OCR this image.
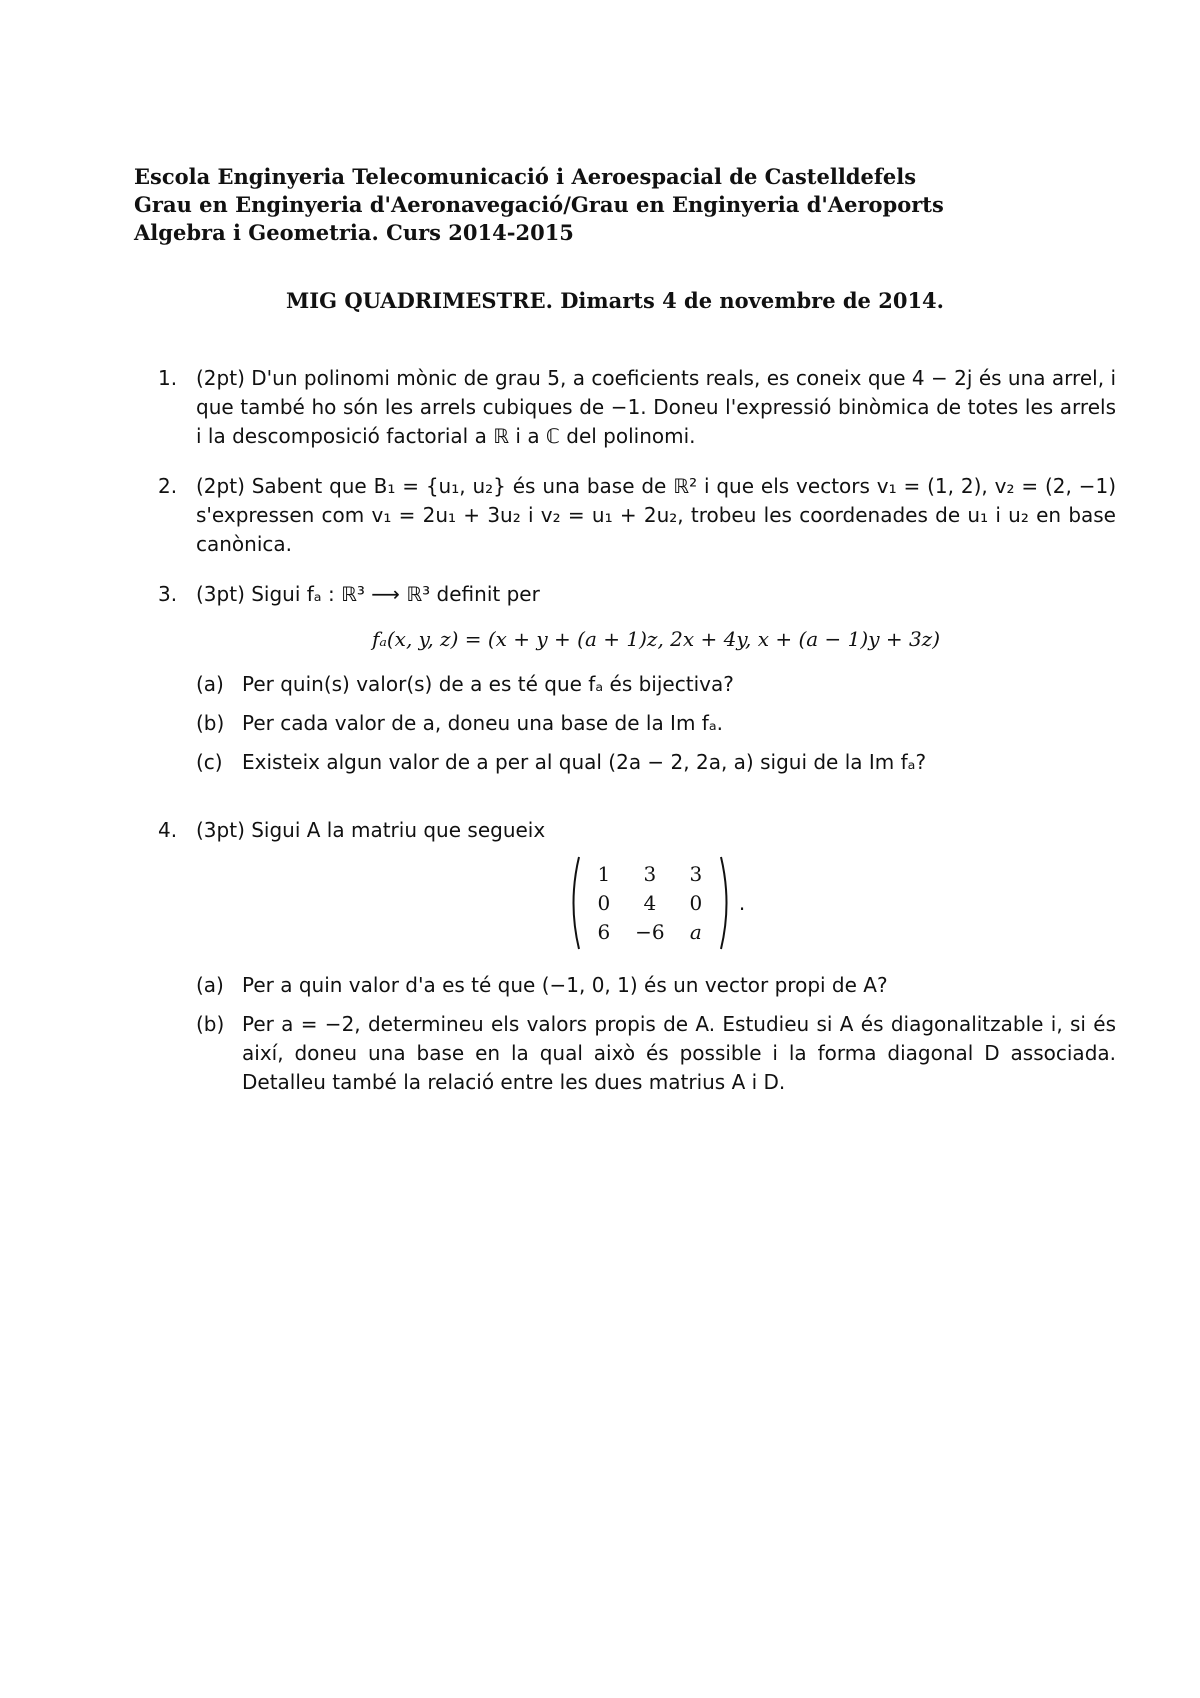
Escola Enginyeria Telecomunicació i Aeroespacial de Castelldefels
Grau en Enginyeria d'Aeronavegació/Grau en Enginyeria d'Aeroports
Algebra i Geometria. Curs 2014-2015
MIG QUADRIMESTRE. Dimarts 4 de novembre de 2014.
1. (2pt) D'un polinomi mònic de grau 5, a coeficients reals, es coneix que 4 − 2j és una arrel, i que també ho són les arrels cubiques de −1. Doneu l'expressió binòmica de totes les arrels i la descomposició factorial a ℝ i a ℂ del polinomi.
2. (2pt) Sabent que B₁ = {u₁, u₂} és una base de ℝ² i que els vectors v₁ = (1, 2), v₂ = (2, −1) s'expressen com v₁ = 2u₁ + 3u₂ i v₂ = u₁ + 2u₂, trobeu les coordenades de u₁ i u₂ en base canònica.
3. (3pt) Sigui fₐ : ℝ³ ⟶ ℝ³ definit per
fₐ(x, y, z) = (x + y + (a + 1)z, 2x + 4y, x + (a − 1)y + 3z)
(a) Per quin(s) valor(s) de a es té que fₐ és bijectiva?
(b) Per cada valor de a, doneu una base de la Im fₐ.
(c) Existeix algun valor de a per al qual (2a − 2, 2a, a) sigui de la Im fₐ?
4. (3pt) Sigui A la matriu que segueix
1	3	3
0	4	0
6	−6	a
.
(a) Per a quin valor d'a es té que (−1, 0, 1) és un vector propi de A?
(b) Per a = −2, determineu els valors propis de A. Estudieu si A és diagonalitzable i, si és així, doneu una base en la qual això és possible i la forma diagonal D associada. Detalleu també la relació entre les dues matrius A i D.
